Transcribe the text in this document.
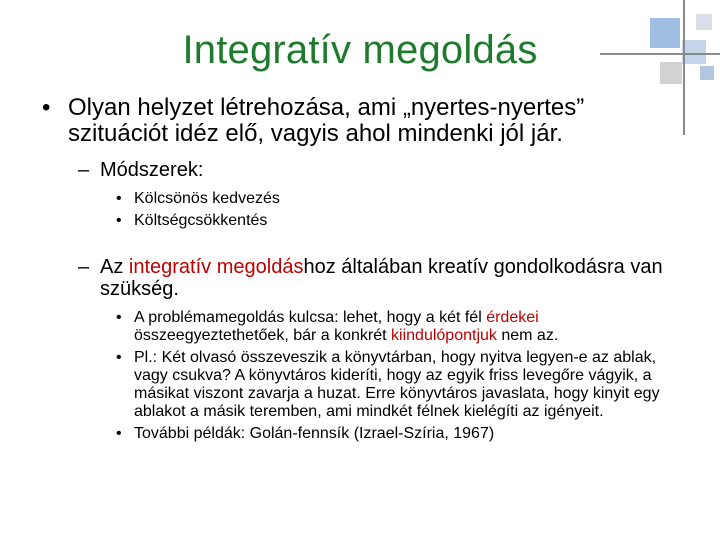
Integratív megoldás
• Olyan helyzet létrehozása, ami „nyertes-nyertes” szituációt idéz elő, vagyis ahol mindenki jól jár.
– Módszerek:
• Kölcsönös kedvezés
• Költségcsökkentés
– Az integratív megoldáshoz általában kreatív gondolkodásra van szükség.
• A problémamegoldás kulcsa: lehet, hogy a két fél érdekei összeegyeztethetőek, bár a konkrét kiindulópontjuk nem az.
• Pl.: Két olvasó összeveszik a könyvtárban, hogy nyitva legyen-e az ablak, vagy csukva? A könyvtáros kideríti, hogy az egyik friss levegőre vágyik, a másikat viszont zavarja a huzat. Erre könyvtáros javaslata, hogy kinyit egy ablakot a másik teremben, ami mindkét félnek kielégíti az igényeit.
• További példák: Golán-fennsík (Izrael-Szíria, 1967)
